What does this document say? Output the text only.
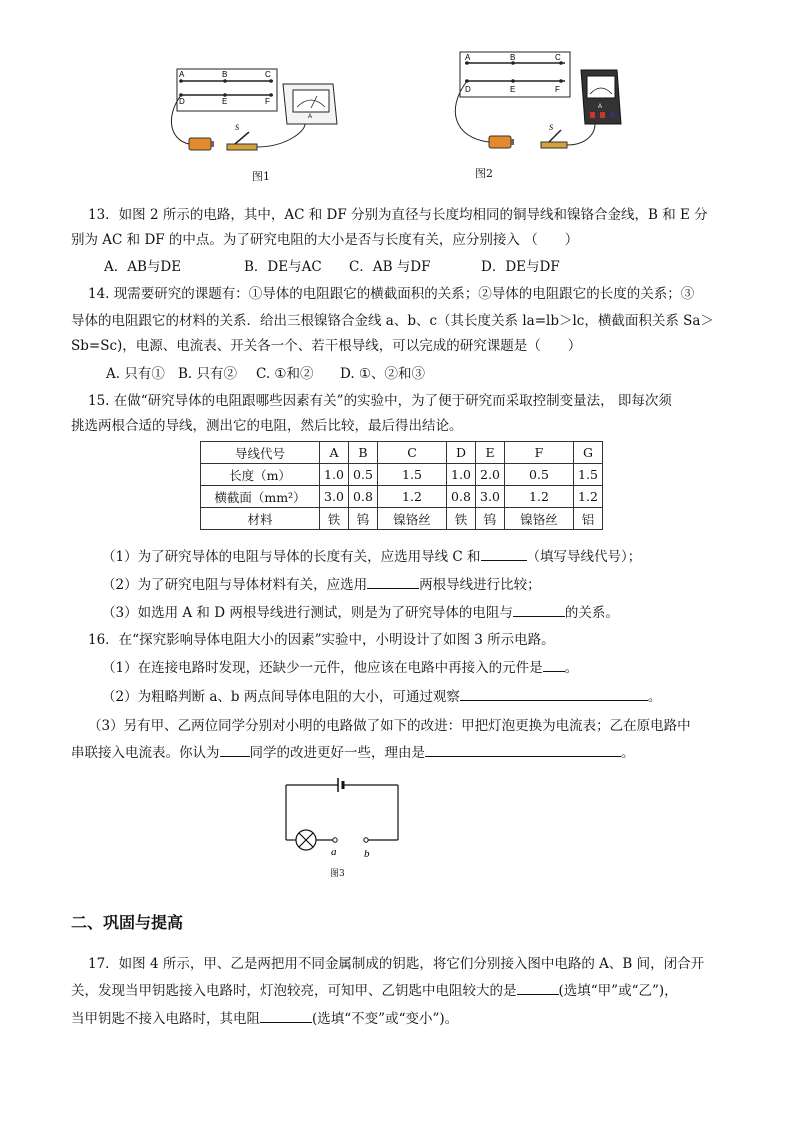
A	B	C
D	E	F
A
S
图1
A	B	C
D	E	F
A
S
图2
13．如图 2 所示的电路，其中，AC 和 DF 分别为直径与长度均相同的铜导线和镍铬合金线，B 和 E 分
别为 AC 和 DF 的中点。为了研究电阻的大小是否与长度有关，应分别接入 （　　）
A．AB与DE	B．DE与AC C．AB 与DF	D．DE与DF
14. 现需要研究的课题有：①导体的电阻跟它的横截面积的关系；②导体的电阻跟它的长度的关系；③
导体的电阻跟它的材料的关系．给出三根镍铬合金线 a、b、c（其长度关系 la=lb＞lc，横截面积关系 Sa＞
Sb=Sc)，电源、电流表、开关各一个、若干根导线，可以完成的研究课题是（　　）
A. 只有① B. 只有② C. ①和② D. ①、②和③
15. 在做“研究导体的电阻跟哪些因素有关”的实验中，为了便于研究而采取控制变量法， 即每次须
挑选两根合适的导线，测出它的电阻，然后比较，最后得出结论。
导线代号	A	B	C	D	E	F	G
长度（m）	1.0	0.5	1.5	1.0	2.0	0.5	1.5
横截面（mm²）	3.0	0.8	1.2	0.8	3.0	1.2	1.2
材料	铁	钨	镍铬丝	铁	钨	镍铬丝	铝
（1）为了研究导体的电阻与导体的长度有关，应选用导线 C 和	（填写导线代号）；
（2）为了研究电阻与导体材料有关，应选用	两根导线进行比较；
（3）如选用 A 和 D 两根导线进行测试，则是为了研究导体的电阻与	的关系。
16．在“探究影响导体电阻大小的因素”实验中，小明设计了如图 3 所示电路。
（1）在连接电路时发现，还缺少一元件，他应该在电路中再接入的元件是 。
（2）为粗略判断 a、b 两点间导体电阻的大小，可通过观察	。
（3）另有甲、乙两位同学分别对小明的电路做了如下的改进：甲把灯泡更换为电流表；乙在原电路中
串联接入电流表。你认为 同学的改进更好一些，理由是	。
a	b
图3
二、巩固与提高
17．如图 4 所示，甲、乙是两把用不同金属制成的钥匙，将它们分别接入图中电路的 A、B 间，闭合开
关，发现当甲钥匙接入电路时，灯泡较亮，可知甲、乙钥匙中电阻较大的是	(选填“甲”或“乙”)，
当甲钥匙不接入电路时，其电阻	(选填“不变”或“变小”)。
